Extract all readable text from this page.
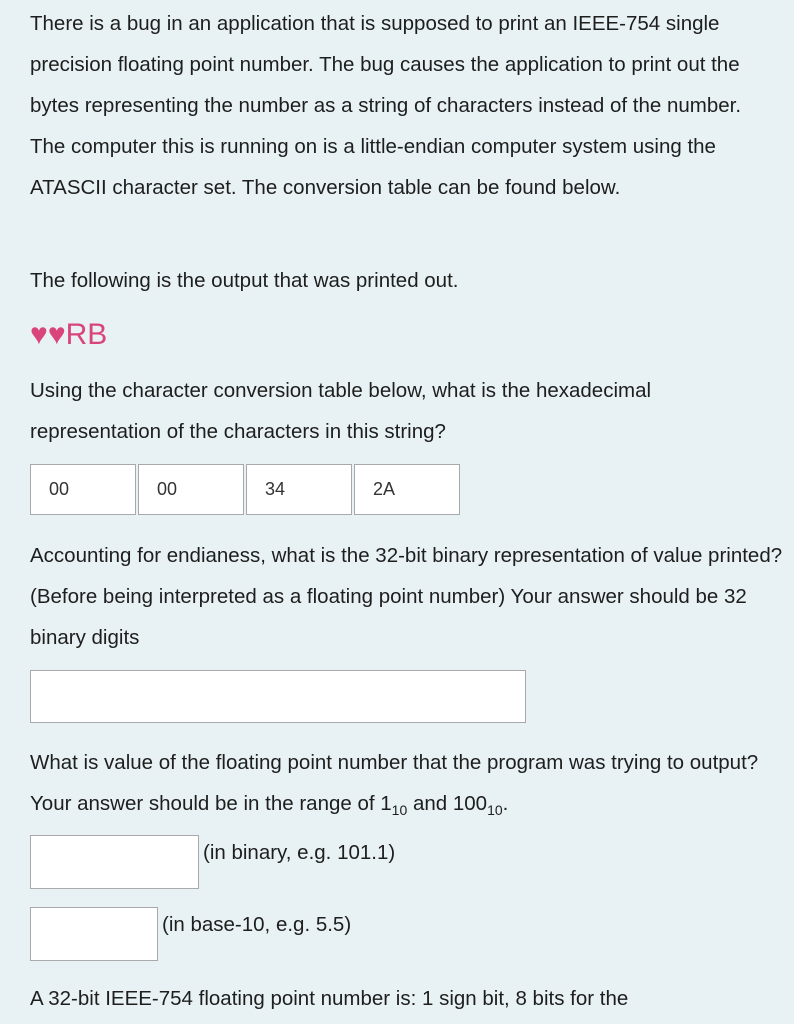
There is a bug in an application that is supposed to print an IEEE-754 single precision floating point number. The bug causes the application to print out the bytes representing the number as a string of characters instead of the number. The computer this is running on is a little-endian computer system using the ATASCII character set. The conversion table can be found below.

The following is the output that was printed out.

♥♥RB

Using the character conversion table below, what is the hexadecimal representation of the characters in this string?

00	00	34	2A

Accounting for endianess, what is the 32-bit binary representation of value printed? (Before being interpreted as a floating point number) Your answer should be 32 binary digits

What is value of the floating point number that the program was trying to output? Your answer should be in the range of $1_{10}$ and $100_{10}$.

(in binary, e.g. 101.1)
(in base-10, e.g. 5.5)

A 32-bit IEEE-754 floating point number is: 1 sign bit, 8 bits for the
